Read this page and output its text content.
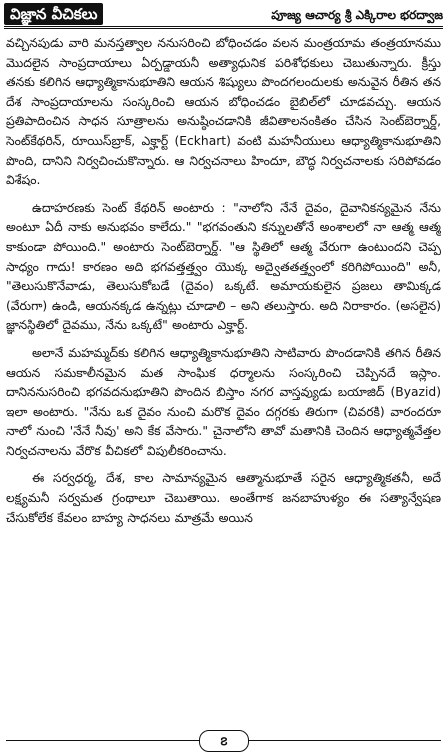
విజ్ఞాన వీచికలు	పూజ్య ఆచార్య శ్రీ ఎక్కిరాల భరద్వాజ

వచ్చినపుడు వారి మనస్తత్వాల ననుసరించి బోధించడం వలన మంత్రయామ తంత్రయానము మొదలైన సాంప్రదాయాలు ఏర్పడ్డాయనీ అత్యాధునిక పరిశోధకులు చెబుతున్నారు. క్రీస్తు తనకు కలిగిన ఆధ్యాత్మికానుభూతిని ఆయన శిష్యులు పొందగలందులకు అనువైన రీతిన తన దేశ సాంప్రదాయాలను సంస్కరించి ఆయన బోధించడం బైబిల్‌లో చూడవచ్చు. ఆయన ప్రతిపాదించిన సాధన సూత్రాలను అనుష్ఠించడానికి జీవితాలనంకితం చేసిన సెంట్‌బెర్నార్డ్, సెంట్‌కేథరిన్, రూయిస్‌బ్రాక్, ఎక్హార్ట్ (Eckhart) వంటి మహనీయులు ఆధ్యాత్మికానుభూతిని పొంది, దానిని నిర్వచించుకొన్నారు. ఆ నిర్వచనాలు హిందూ, బౌద్ధ నిర్వచనాలకు సరిపోవడం విశేషం.

ఉదాహరణకు సెంట్ కేథరిన్ అంటారు : "నాలోని నేనే దైవం, దైవానికన్యమైన నేను అంటూ ఏదీ నాకు అనుభవం కాలేదు." "భగవంతుని కన్నులతోనే అంశాలలో నా ఆత్మ ఆత్మ కాకుండా పోయింది." అంటారు సెంట్‌బెర్నార్డ్. "ఆ స్థితిలో ఆత్మ వేరుగా ఉంటుందని చెప్ప సాధ్యం గాదు! కారణం అది భగవత్తత్త్వం యొక్క అద్వైతతత్త్వంలో కరిగిపోయింది" అనీ, "తెలుసుకొనేవాడు, తెలుసుకోబడే (దైవం) ఒక్కటే. అమాయకులైన ప్రజలు తామిక్కడ (వేరుగా) ఉండి, ఆయనక్కడ ఉన్నట్లు చూడాలి – అని తలుస్తారు. అది నిరాకారం. (అసలైన) జ్ఞానస్థితిలో దైవము, నేను ఒక్కటే" అంటారు ఎక్హార్ట్.

అలానే మహమ్మద్‌కు కలిగిన ఆధ్యాత్మికానుభూతిని సాటివారు పొందడానికి తగిన రీతిన ఆయన సమకాలీనమైన మత సాంఘిక ధర్మాలను సంస్కరించి చెప్పినదే ఇస్లాం. దానిననుసరించి భగవదనుభూతిని పొందిన బిస్తాం నగర వాస్తవ్యుడు బయాజిద్ (Byazid) ఇలా అంటారు. "నేను ఒక దైవం నుంచి మరొక దైవం దగ్గరకు తిరుగా (చివరకి) వారందరూ నాలో నుంచి 'నేనే నీవు' అని కేక వేసారు." చైనాలోని తావో మతానికి చెందిన ఆధ్యాత్మవేత్తల నిర్వచనాలను వేరొక వీచికలో విపులీకరించాను.

ఈ సర్వధర్మ, దేశ, కాల సామాన్యమైన ఆత్మానుభూతే సరైన ఆధ్యాత్మికతనీ, అదే లక్ష్యమనీ సర్వమత గ్రంథాలూ చెబుతాయి. అంతేగాక జనబాహుళ్యం ఈ సత్యాన్వేషణ చేసుకోలేక కేవలం బాహ్య సాధనలు మాత్రమే అయిన

౭
